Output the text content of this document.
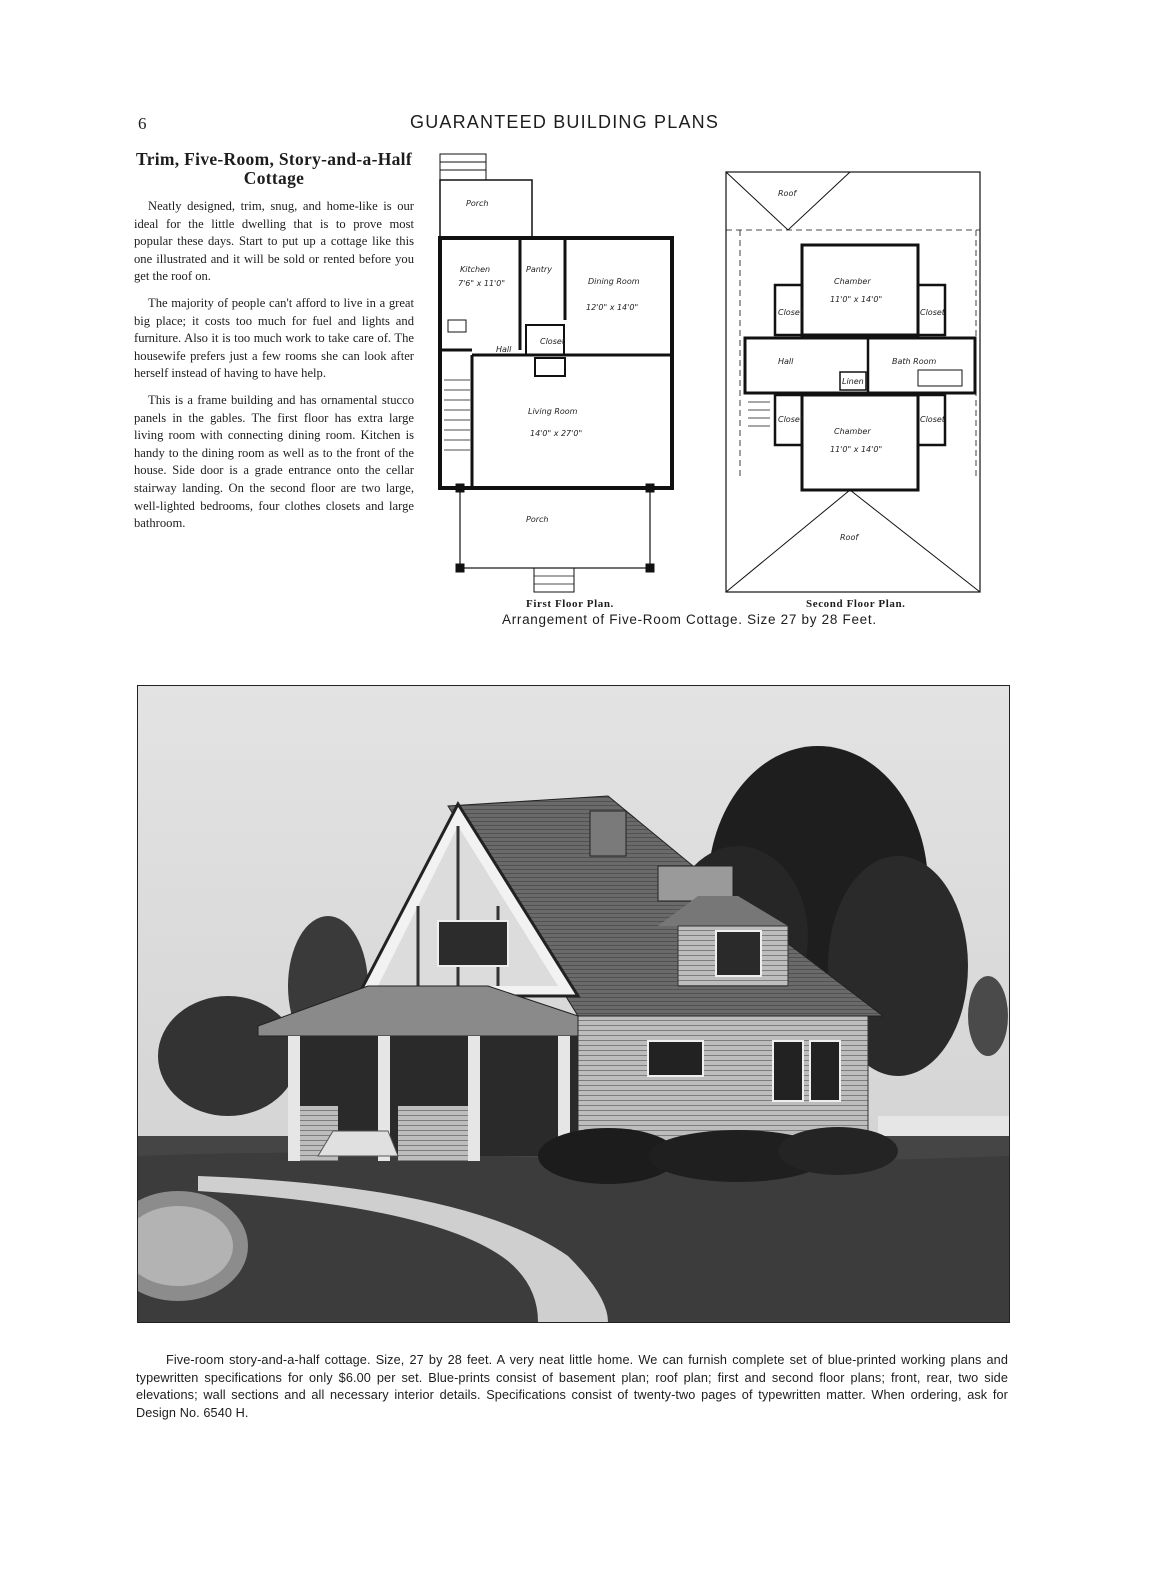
6	GUARANTEED BUILDING PLANS
Trim, Five-Room, Story-and-a-Half Cottage

Neatly designed, trim, snug, and home-like is our ideal for the little dwelling that is to prove most popular these days. Start to put up a cottage like this one illustrated and it will be sold or rented before you get the roof on.

The majority of people can't afford to live in a great big place; it costs too much for fuel and lights and furniture. Also it is too much work to take care of. The housewife prefers just a few rooms she can look after herself instead of having to have help.

This is a frame building and has ornamental stucco panels in the gables. The first floor has extra large living room with connecting dining room. Kitchen is handy to the dining room as well as to the front of the house. Side door is a grade entrance onto the cellar stairway landing. On the second floor are two large, well-lighted bedrooms, four clothes closets and large bathroom.

Porch
Kitchen
7'6" x 11'0"
Pantry
Dining Room
12'0" x 14'0"
Closet
Hall
Living Room
14'0" x 27'0"
Porch
Roof
Chamber
11'0" x 14'0"
Closet	Closet
Hall
Linen
Bath Room
Closet	Closet
Chamber
11'0" x 14'0"
Roof
First Floor Plan.	Second Floor Plan.
Arrangement of Five-Room Cottage. Size 27 by 28 Feet.
Five-room story-and-a-half cottage. Size, 27 by 28 feet. A very neat little home. We can furnish complete set of blue-printed working plans and typewritten specifications for only $6.00 per set. Blue-prints consist of basement plan; roof plan; first and second floor plans; front, rear, two side elevations; wall sections and all necessary interior details. Specifications consist of twenty-two pages of typewritten matter. When ordering, ask for Design No. 6540 H.
